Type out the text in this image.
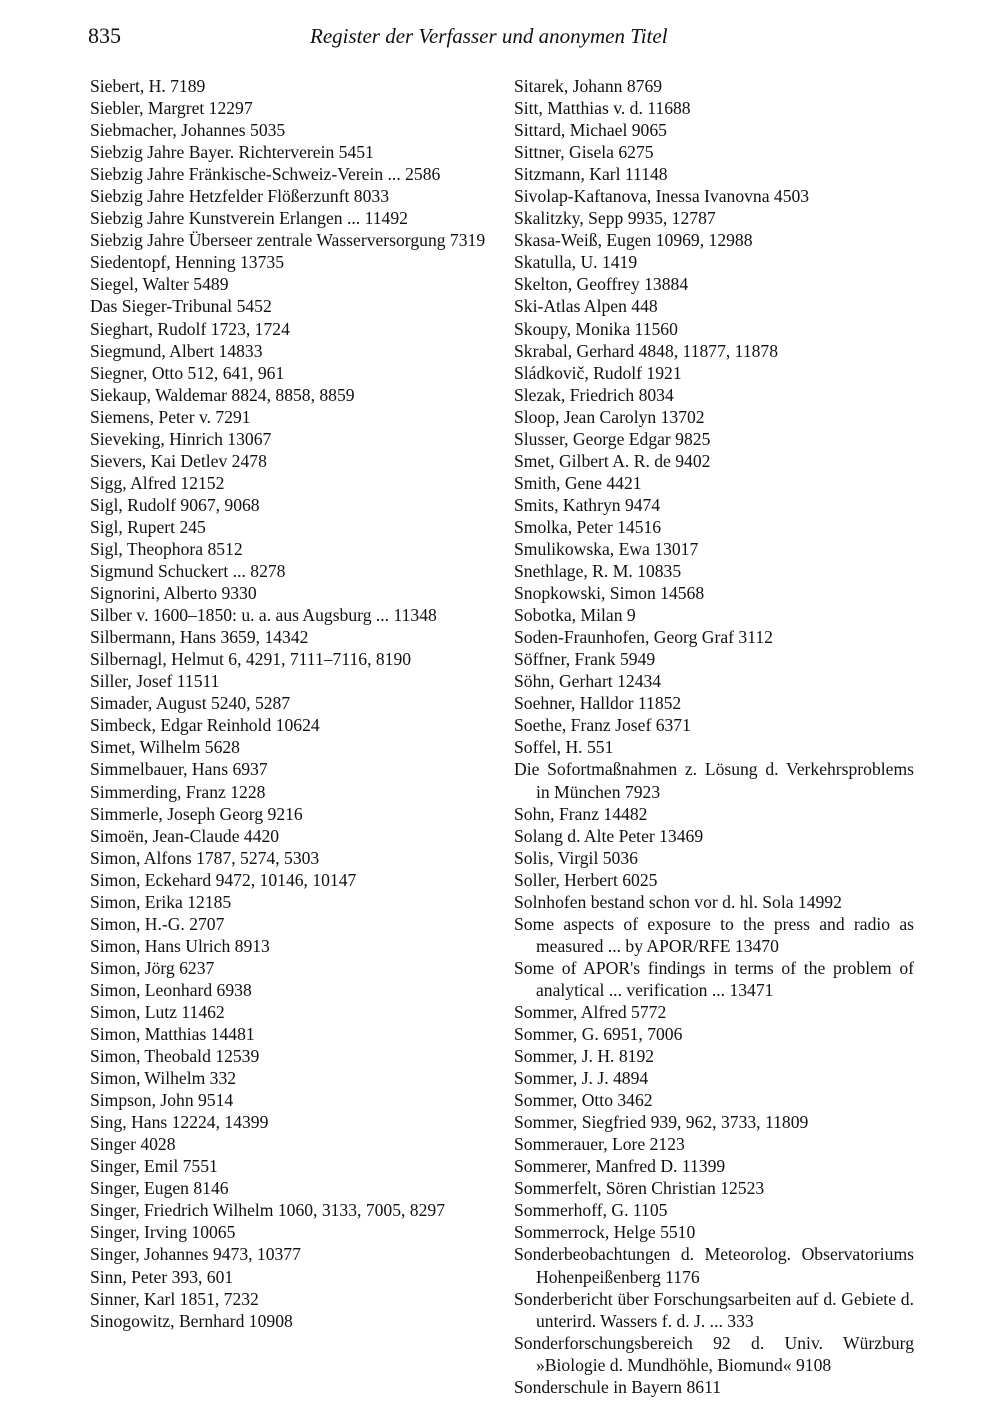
835	Register der Verfasser und anonymen Titel

Siebert, H. 7189

Siebler, Margret 12297

Siebmacher, Johannes 5035

Siebzig Jahre Bayer. Richterverein 5451

Siebzig Jahre Fränkische-Schweiz-Verein ... 2586

Siebzig Jahre Hetzfelder Flößerzunft 8033

Siebzig Jahre Kunstverein Erlangen ... 11492

Siebzig Jahre Überseer zentrale Wasserversorgung 7319

Siedentopf, Henning 13735

Siegel, Walter 5489

Das Sieger-Tribunal 5452

Sieghart, Rudolf 1723, 1724

Siegmund, Albert 14833

Siegner, Otto 512, 641, 961

Siekaup, Waldemar 8824, 8858, 8859

Siemens, Peter v. 7291

Sieveking, Hinrich 13067

Sievers, Kai Detlev 2478

Sigg, Alfred 12152

Sigl, Rudolf 9067, 9068

Sigl, Rupert 245

Sigl, Theophora 8512

Sigmund Schuckert ... 8278

Signorini, Alberto 9330

Silber v. 1600–1850: u. a. aus Augsburg ... 11348

Silbermann, Hans 3659, 14342

Silbernagl, Helmut 6, 4291, 7111–7116, 8190

Siller, Josef 11511

Simader, August 5240, 5287

Simbeck, Edgar Reinhold 10624

Simet, Wilhelm 5628

Simmelbauer, Hans 6937

Simmerding, Franz 1228

Simmerle, Joseph Georg 9216

Simoën, Jean-Claude 4420

Simon, Alfons 1787, 5274, 5303

Simon, Eckehard 9472, 10146, 10147

Simon, Erika 12185

Simon, H.-G. 2707

Simon, Hans Ulrich 8913

Simon, Jörg 6237

Simon, Leonhard 6938

Simon, Lutz 11462

Simon, Matthias 14481

Simon, Theobald 12539

Simon, Wilhelm 332

Simpson, John 9514

Sing, Hans 12224, 14399

Singer 4028

Singer, Emil 7551

Singer, Eugen 8146

Singer, Friedrich Wilhelm 1060, 3133, 7005, 8297

Singer, Irving 10065

Singer, Johannes 9473, 10377

Sinn, Peter 393, 601

Sinner, Karl 1851, 7232

Sinogowitz, Bernhard 10908

Sitarek, Johann 8769

Sitt, Matthias v. d. 11688

Sittard, Michael 9065

Sittner, Gisela 6275

Sitzmann, Karl 11148

Sivolap-Kaftanova, Inessa Ivanovna 4503

Skalitzky, Sepp 9935, 12787

Skasa-Weiß, Eugen 10969, 12988

Skatulla, U. 1419

Skelton, Geoffrey 13884

Ski-Atlas Alpen 448

Skoupy, Monika 11560

Skrabal, Gerhard 4848, 11877, 11878

Sládkovič, Rudolf 1921

Slezak, Friedrich 8034

Sloop, Jean Carolyn 13702

Slusser, George Edgar 9825

Smet, Gilbert A. R. de 9402

Smith, Gene 4421

Smits, Kathryn 9474

Smolka, Peter 14516

Smulikowska, Ewa 13017

Snethlage, R. M. 10835

Snopkowski, Simon 14568

Sobotka, Milan 9

Soden-Fraunhofen, Georg Graf 3112

Söffner, Frank 5949

Söhn, Gerhart 12434

Soehner, Halldor 11852

Soethe, Franz Josef 6371

Soffel, H. 551

Die Sofortmaßnahmen z. Lösung d. Verkehrsproblems in München 7923

Sohn, Franz 14482

Solang d. Alte Peter 13469

Solis, Virgil 5036

Soller, Herbert 6025

Solnhofen bestand schon vor d. hl. Sola 14992

Some aspects of exposure to the press and radio as measured ... by APOR/RFE 13470

Some of APOR's findings in terms of the problem of analytical ... verification ... 13471

Sommer, Alfred 5772

Sommer, G. 6951, 7006

Sommer, J. H. 8192

Sommer, J. J. 4894

Sommer, Otto 3462

Sommer, Siegfried 939, 962, 3733, 11809

Sommerauer, Lore 2123

Sommerer, Manfred D. 11399

Sommerfelt, Sören Christian 12523

Sommerhoff, G. 1105

Sommerrock, Helge 5510

Sonderbeobachtungen d. Meteorolog. Observatoriums Hohenpeißenberg 1176

Sonderbericht über Forschungsarbeiten auf d. Gebiete d. unterird. Wassers f. d. J. ... 333

Sonderforschungsbereich 92 d. Univ. Würzburg »Biologie d. Mundhöhle, Biomund« 9108

Sonderschule in Bayern 8611
